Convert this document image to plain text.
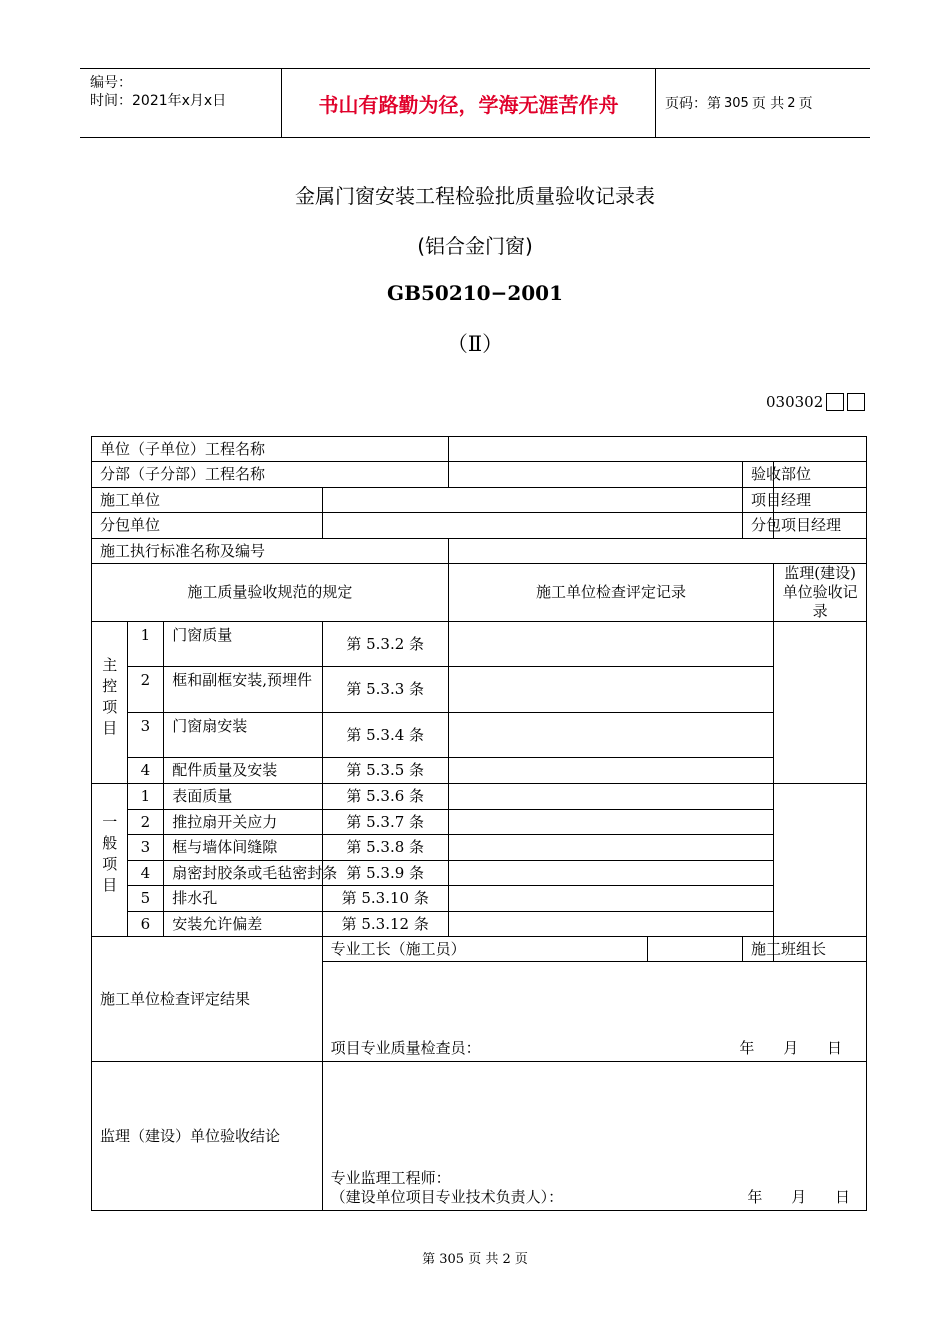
编号：
时间：2021年x月x日	书山有路勤为径，学海无涯苦作舟	页码：第 305 页 共 2 页
金属门窗安装工程检验批质量验收记录表
(铝合金门窗)
GB50210−2001
（Ⅱ）
030302
单位（子单位）工程名称							
分部（子分部）工程名称						验收部位	
施工单位						项目经理	
分包单位						分包项目经理	
施工执行标准名称及编号							
施工质量验收规范的规定				施工单位检查评定记录			监理(建设)单位验收记录
主控项目	1	门窗质量	第 5.3.2 条				
	2	框和副框安装,预埋件	第 5.3.3 条				
	3	门窗扇安装	第 5.3.4 条				
	4	配件质量及安装	第 5.3.5 条				
一般项目	1	表面质量	第 5.3.6 条				
	2	推拉扇开关应力	第 5.3.7 条				
	3	框与墙体间缝隙	第 5.3.8 条				
	4	扇密封胶条或毛毡密封条	第 5.3.9 条				
	5	排水孔	第 5.3.10 条				
	6	安装允许偏差	第 5.3.12 条				
施工单位检查评定结果			专业工长（施工员）			施工班组长	

			项目专业质量检查员： 年 月 日				

监理（建设）单位验收结论			专业监理工程师：
（建设单位项目专业技术负责人）： 年 月 日				
第 305 页 共 2 页
